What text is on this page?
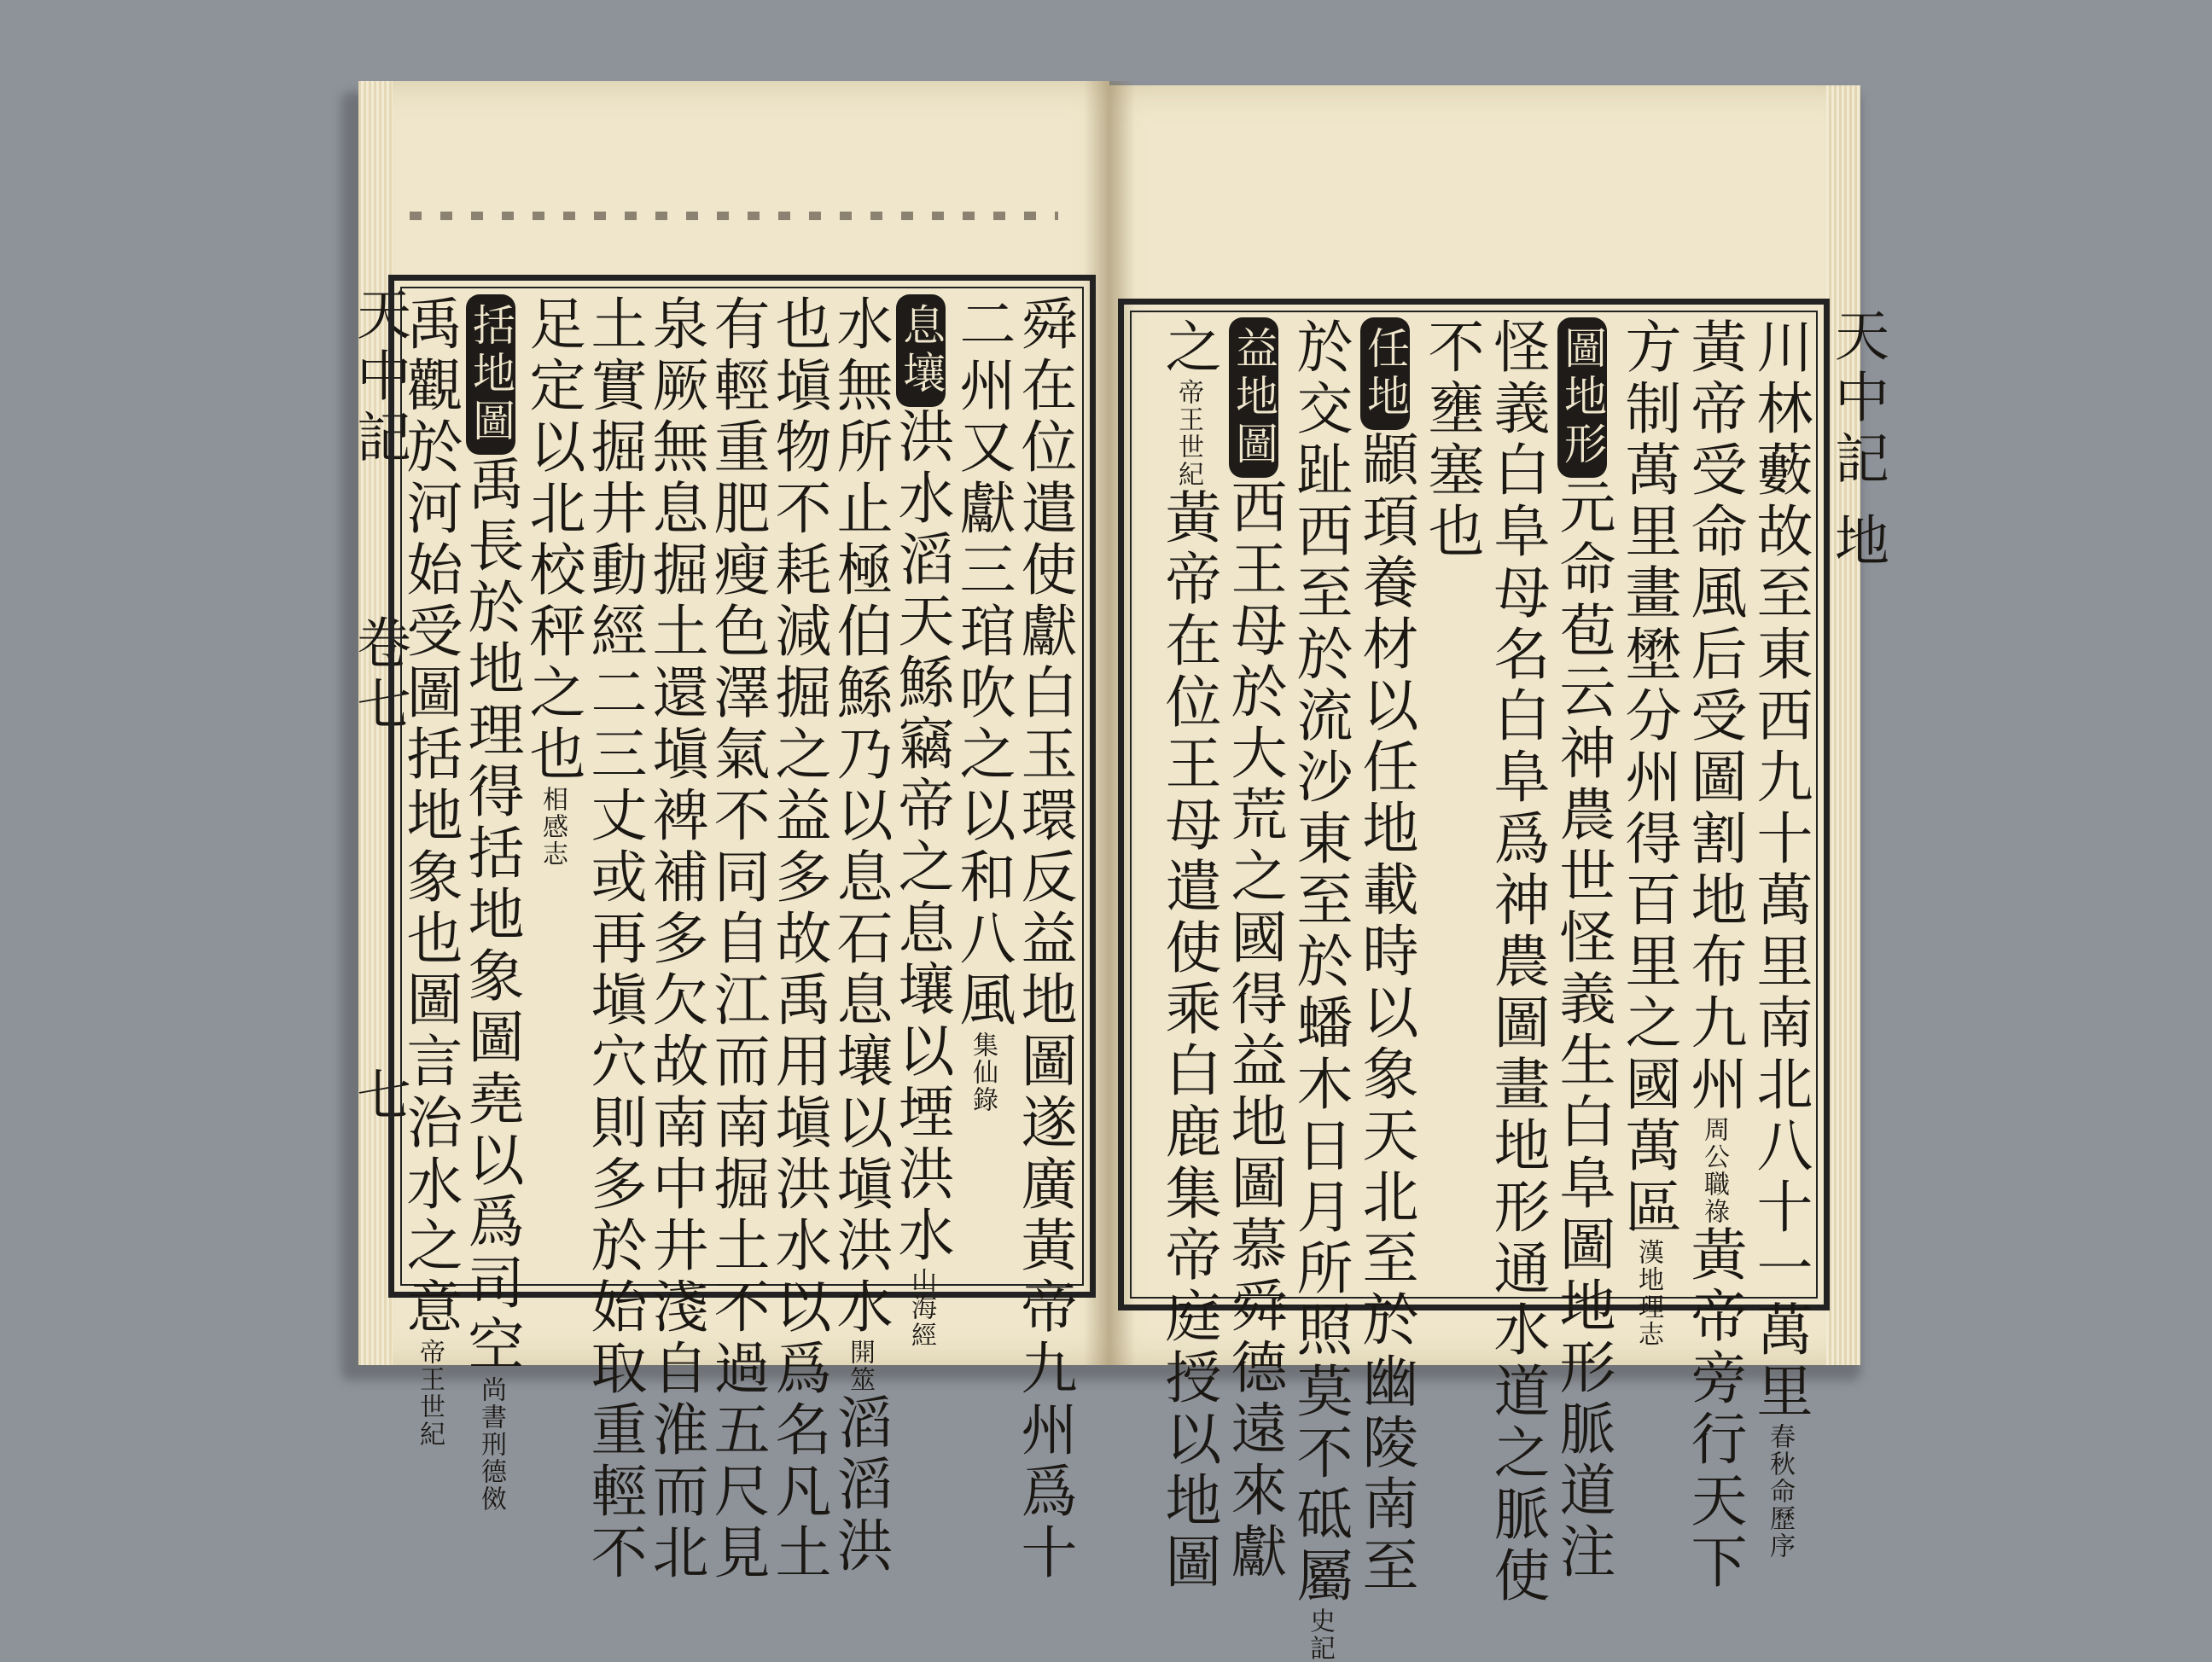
天中記
卷七
七
天中記
地
舜在位遣使獻白玉環反益地圖遂廣黃帝九州爲十
二州又獻三琯吹之以和八風集仙錄
息壤洪水滔天鯀竊帝之息壤以堙洪水山海經
水無所止極伯鯀乃以息石息壤以塡洪水開筮滔滔洪
也塡物不耗減掘之益多故禹用塡洪水以爲名凡土
有輕重肥瘦色澤氣不同自江而南掘土不過五尺見
泉厥無息掘土還塡裨補多欠故南中井淺自淮而北
土實掘井動經二三丈或再塡穴則多於始取重輕不
足定以北校秤之也相感志
括地圖禹長於地理得括地象圖堯以爲司空尚書刑德傚
禹觀於河始受圖括地象也圖言治水之意帝王世紀	川林藪故至東西九十萬里南北八十一萬里春秋命歷序
黃帝受命風后受圖割地布九州周公職祿黃帝旁行天下
方制萬里畫壄分州得百里之國萬區漢地理志
圖地形元命苞云神農世怪義生白阜圖地形脈道注
怪義白阜母名白阜爲神農圖畫地形通水道之脈使
不壅塞也
任地顓頊養材以任地載時以象天北至於幽陵南至
於交趾西至於流沙東至於蟠木日月所照莫不砥屬史記
益地圖西王母於大荒之國得益地圖慕舜德遠來獻
之帝王世紀黃帝在位王母遣使乘白鹿集帝庭授以地圖
